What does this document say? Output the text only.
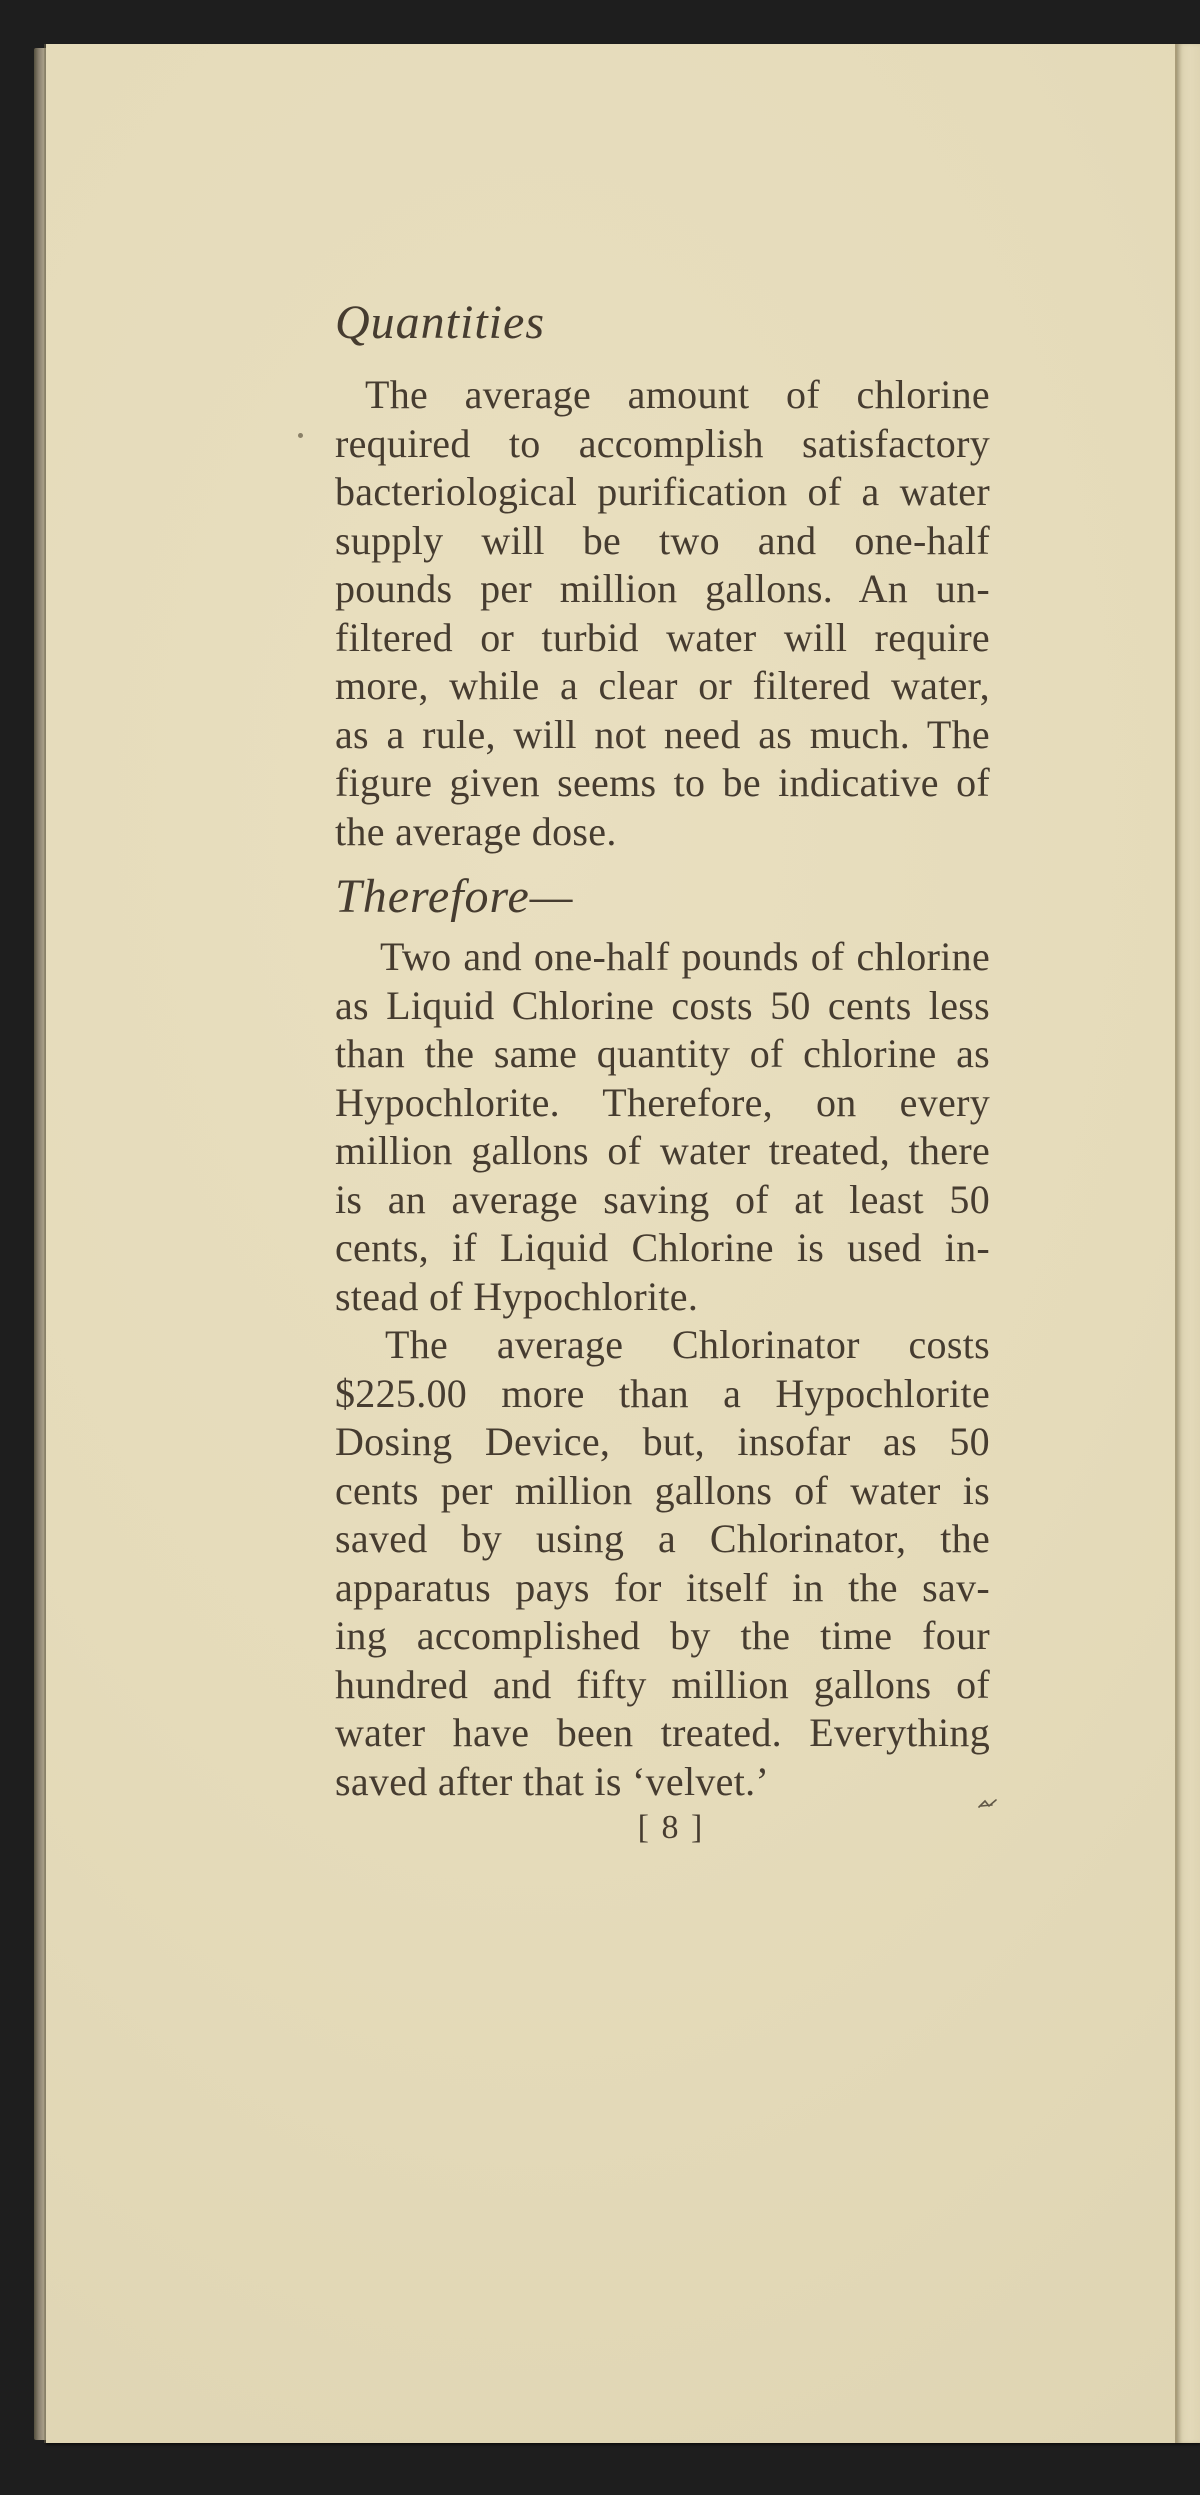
Quantities
The average amount of chlorine
required to accomplish satisfactory
bacteriological purification of a water
supply will be two and one-half
pounds per million gallons. An un-
filtered or turbid water will require
more, while a clear or filtered water,
as a rule, will not need as much. The
figure given seems to be indicative of
the average dose.
Therefore—
Two and one-half pounds of chlorine
as Liquid Chlorine costs 50 cents less
than the same quantity of chlorine as
Hypochlorite. Therefore, on every
million gallons of water treated, there
is an average saving of at least 50
cents, if Liquid Chlorine is used in-
stead of Hypochlorite.
The average Chlorinator costs
$225.00 more than a Hypochlorite
Dosing Device, but, insofar as 50
cents per million gallons of water is
saved by using a Chlorinator, the
apparatus pays for itself in the sav-
ing accomplished by the time four
hundred and fifty million gallons of
water have been treated. Everything
saved after that is ‘velvet.’
[ 8 ]
